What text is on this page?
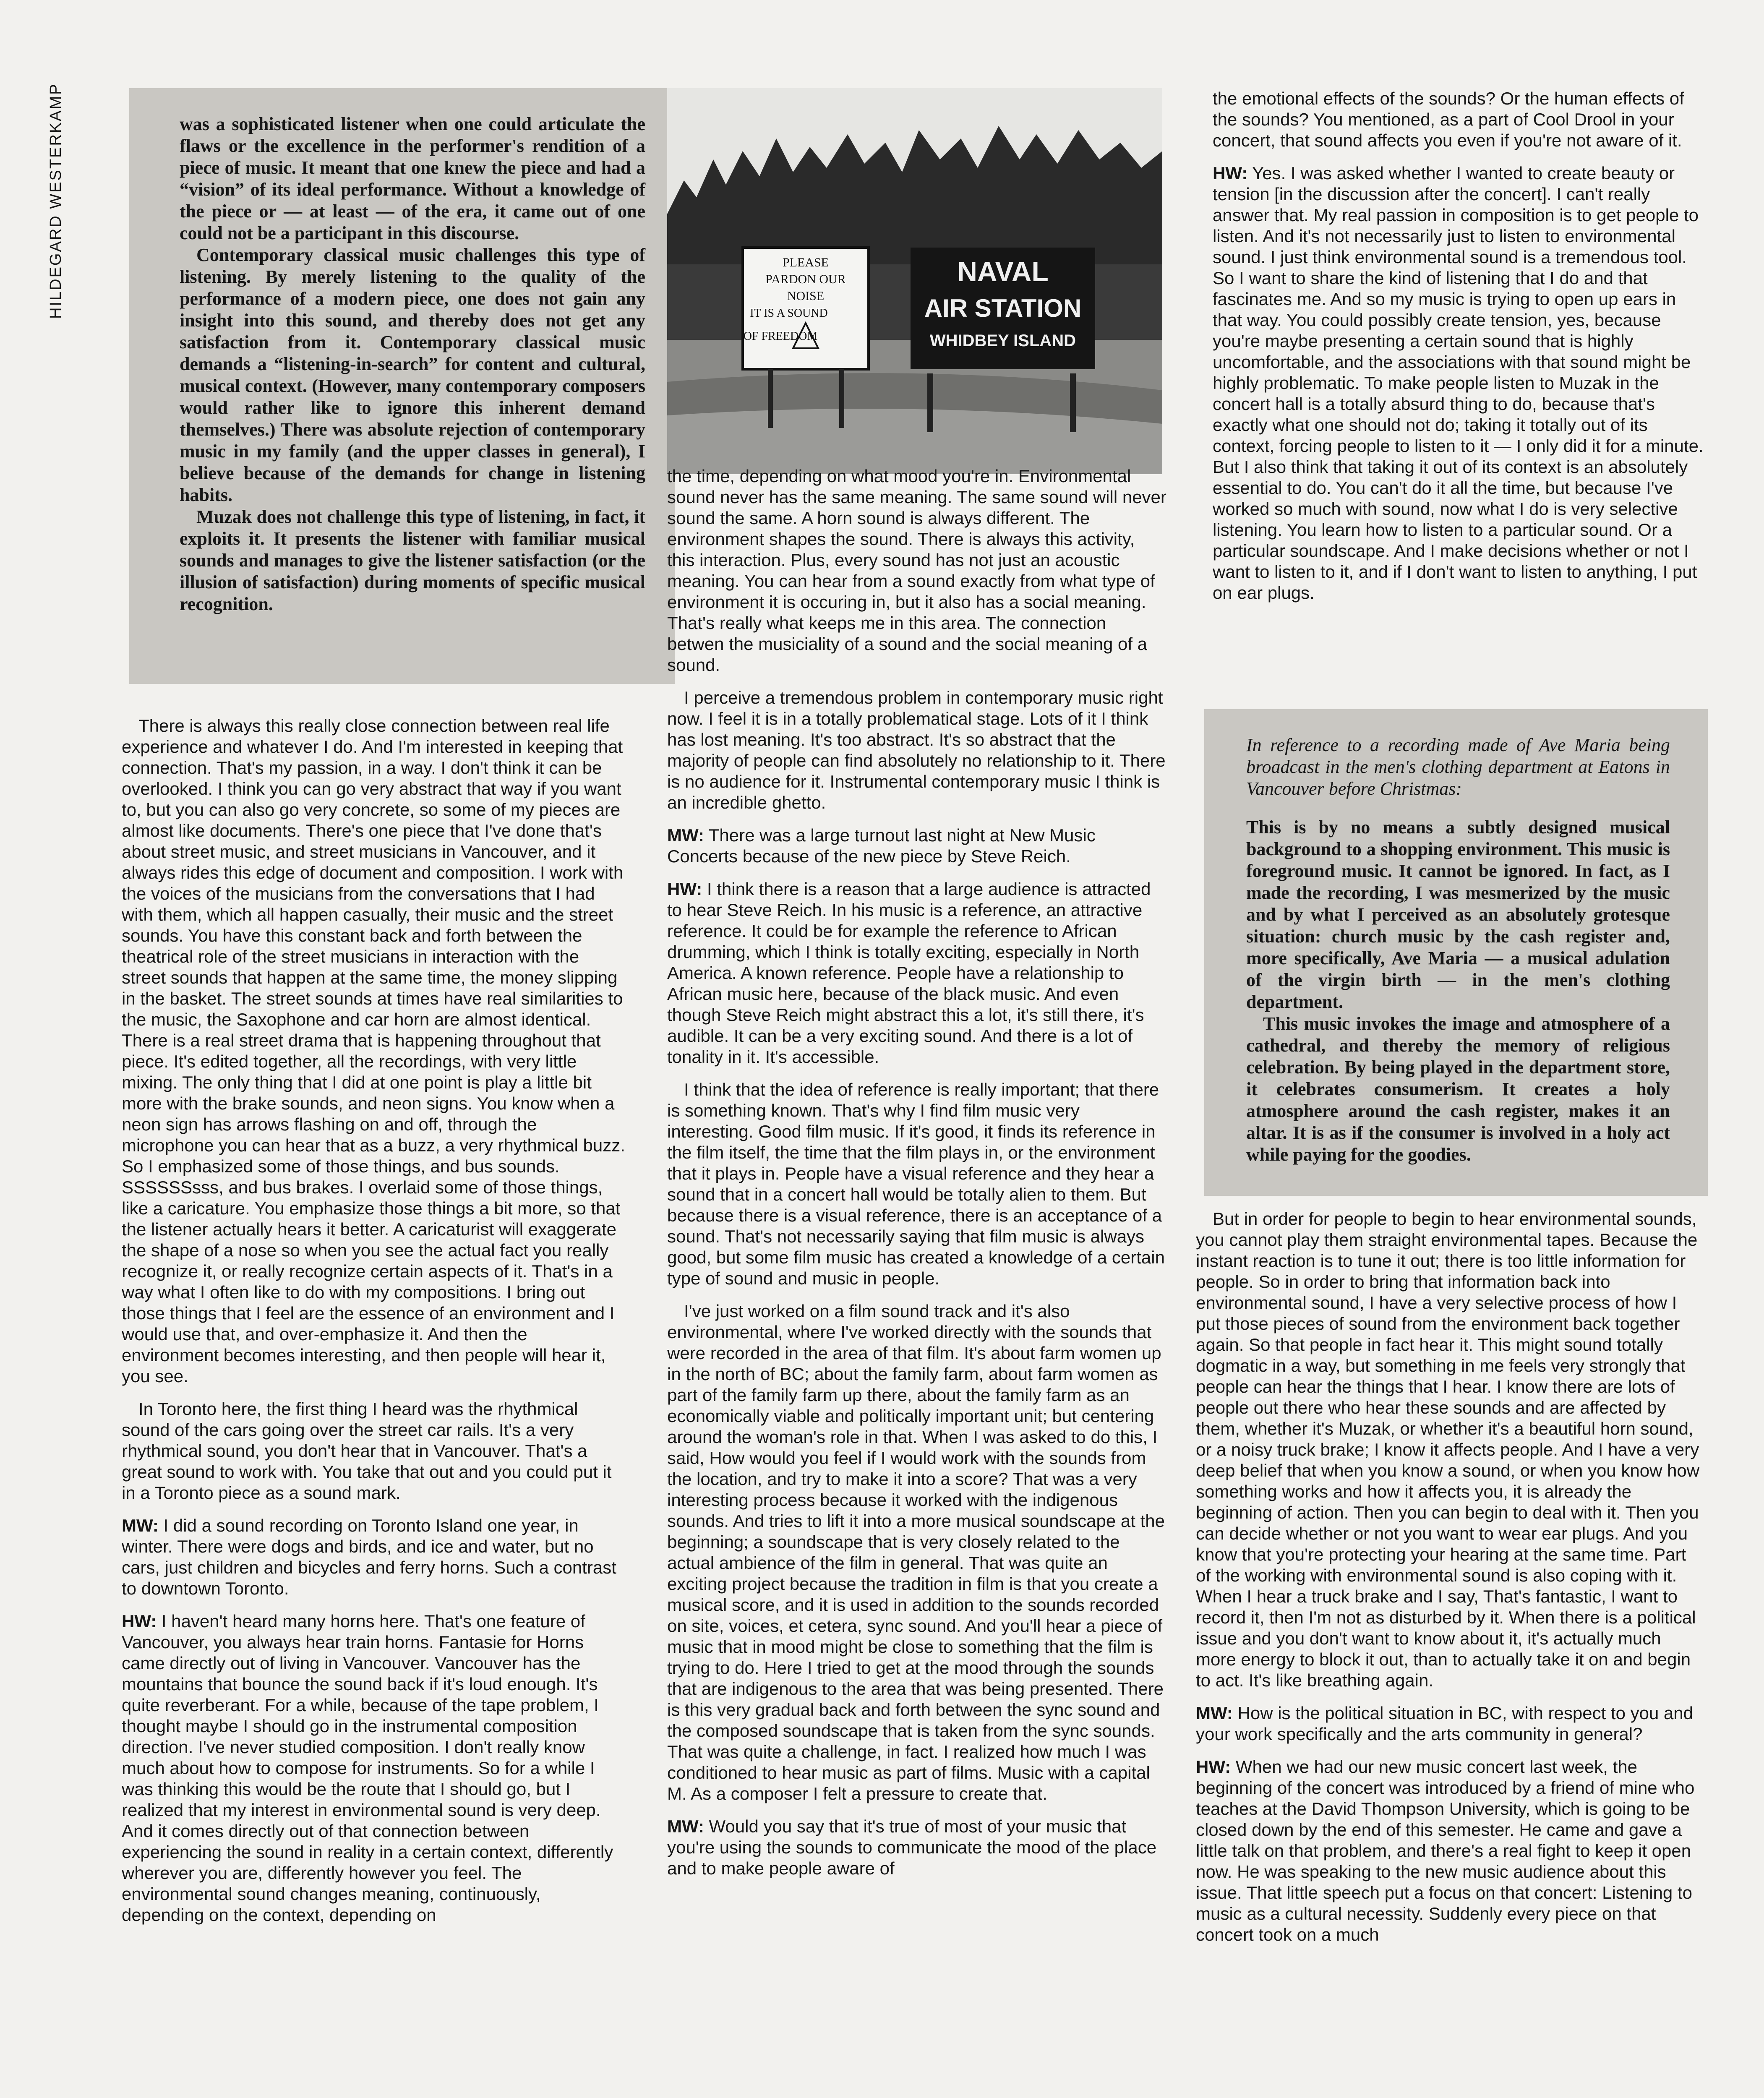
HILDEGARD WESTERKAMP	was a sophisticated listener when one could articulate the flaws or the excellence in the performer's rendition of a piece of music. It meant that one knew the piece and had a “vision” of its ideal performance. Without a knowledge of the piece or — at least — of the era, it came out of one could not be a participant in this discourse.

Contemporary classical music challenges this type of listening. By merely listening to the quality of the performance of a modern piece, one does not gain any insight into this sound, and thereby does not get any satisfaction from it. Contemporary classical music demands a “listening-in-search” for content and cultural, musical context. (However, many contemporary composers would rather like to ignore this inherent demand themselves.) There was absolute rejection of contemporary music in my family (and the upper classes in general), I believe because of the demands for change in listening habits.

Muzak does not challenge this type of listening, in fact, it exploits it. It presents the listener with familiar musical sounds and manages to give the listener satisfaction (or the illusion of satisfaction) during moments of specific musical recognition.

PLEASE
PARDON OUR
NOISE
IT IS A SOUND
OF FREEDOM
NAVAL
AIR STATION
WHIDBEY ISLAND

There is always this really close connection between real life experience and whatever I do. And I'm interested in keeping that connection. That's my passion, in a way. I don't think it can be overlooked. I think you can go very abstract that way if you want to, but you can also go very concrete, so some of my pieces are almost like documents. There's one piece that I've done that's about street music, and street musicians in Vancouver, and it always rides this edge of document and composition. I work with the voices of the musicians from the conversations that I had with them, which all happen casually, their music and the street sounds. You have this constant back and forth between the theatrical role of the street musicians in interaction with the street sounds that happen at the same time, the money slipping in the basket. The street sounds at times have real similarities to the music, the Saxophone and car horn are almost identical. There is a real street drama that is happening throughout that piece. It's edited together, all the recordings, with very little mixing. The only thing that I did at one point is play a little bit more with the brake sounds, and neon signs. You know when a neon sign has arrows flashing on and off, through the microphone you can hear that as a buzz, a very rhythmical buzz. So I emphasized some of those things, and bus sounds. SSSSSSsss, and bus brakes. I overlaid some of those things, like a caricature. You emphasize those things a bit more, so that the listener actually hears it better. A caricaturist will exaggerate the shape of a nose so when you see the actual fact you really recognize it, or really recognize certain aspects of it. That's in a way what I often like to do with my compositions. I bring out those things that I feel are the essence of an environment and I would use that, and over-emphasize it. And then the environment becomes interesting, and then people will hear it, you see.

In Toronto here, the first thing I heard was the rhythmical sound of the cars going over the street car rails. It's a very rhythmical sound, you don't hear that in Vancouver. That's a great sound to work with. You take that out and you could put it in a Toronto piece as a sound mark.

MW: I did a sound recording on Toronto Island one year, in winter. There were dogs and birds, and ice and water, but no cars, just children and bicycles and ferry horns. Such a contrast to downtown Toronto.

HW: I haven't heard many horns here. That's one feature of Vancouver, you always hear train horns. Fantasie for Horns came directly out of living in Vancouver. Vancouver has the mountains that bounce the sound back if it's loud enough. It's quite reverberant. For a while, because of the tape problem, I thought maybe I should go in the instrumental composition direction. I've never studied composition. I don't really know much about how to compose for instruments. So for a while I was thinking this would be the route that I should go, but I realized that my interest in environmental sound is very deep. And it comes directly out of that connection between experiencing the sound in reality in a certain context, differently wherever you are, differently however you feel. The environmental sound changes meaning, continuously, depending on the context, depending on

the time, depending on what mood you're in. Environmental sound never has the same meaning. The same sound will never sound the same. A horn sound is always different. The environment shapes the sound. There is always this activity, this interaction. Plus, every sound has not just an acoustic meaning. You can hear from a sound exactly from what type of environment it is occuring in, but it also has a social meaning. That's really what keeps me in this area. The connection betwen the musiciality of a sound and the social meaning of a sound.

I perceive a tremendous problem in contemporary music right now. I feel it is in a totally problematical stage. Lots of it I think has lost meaning. It's too abstract. It's so abstract that the majority of people can find absolutely no relationship to it. There is no audience for it. Instrumental contemporary music I think is an incredible ghetto.

MW: There was a large turnout last night at New Music Concerts because of the new piece by Steve Reich.

HW: I think there is a reason that a large audience is attracted to hear Steve Reich. In his music is a reference, an attractive reference. It could be for example the reference to African drumming, which I think is totally exciting, especially in North America. A known reference. People have a relationship to African music here, because of the black music. And even though Steve Reich might abstract this a lot, it's still there, it's audible. It can be a very exciting sound. And there is a lot of tonality in it. It's accessible.

I think that the idea of reference is really important; that there is something known. That's why I find film music very interesting. Good film music. If it's good, it finds its reference in the film itself, the time that the film plays in, or the environment that it plays in. People have a visual reference and they hear a sound that in a concert hall would be totally alien to them. But because there is a visual reference, there is an acceptance of a sound. That's not necessarily saying that film music is always good, but some film music has created a knowledge of a certain type of sound and music in people.

I've just worked on a film sound track and it's also environmental, where I've worked directly with the sounds that were recorded in the area of that film. It's about farm women up in the north of BC; about the family farm, about farm women as part of the family farm up there, about the family farm as an economically viable and politically important unit; but centering around the woman's role in that. When I was asked to do this, I said, How would you feel if I would work with the sounds from the location, and try to make it into a score? That was a very interesting process because it worked with the indigenous sounds. And tries to lift it into a more musical soundscape at the beginning; a soundscape that is very closely related to the actual ambience of the film in general. That was quite an exciting project because the tradition in film is that you create a musical score, and it is used in addition to the sounds recorded on site, voices, et cetera, sync sound. And you'll hear a piece of music that in mood might be close to something that the film is trying to do. Here I tried to get at the mood through the sounds that are indigenous to the area that was being presented. There is this very gradual back and forth between the sync sound and the composed soundscape that is taken from the sync sounds. That was quite a challenge, in fact. I realized how much I was conditioned to hear music as part of films. Music with a capital M. As a composer I felt a pressure to create that.

MW: Would you say that it's true of most of your music that you're using the sounds to communicate the mood of the place and to make people aware of

the emotional effects of the sounds? Or the human effects of the sounds? You mentioned, as a part of Cool Drool in your concert, that sound affects you even if you're not aware of it.

HW: Yes. I was asked whether I wanted to create beauty or tension [in the discussion after the concert]. I can't really answer that. My real passion in composition is to get people to listen. And it's not necessarily just to listen to environmental sound. I just think environmental sound is a tremendous tool. So I want to share the kind of listening that I do and that fascinates me. And so my music is trying to open up ears in that way. You could possibly create tension, yes, because you're maybe presenting a certain sound that is highly uncomfortable, and the associations with that sound might be highly problematic. To make people listen to Muzak in the concert hall is a totally absurd thing to do, because that's exactly what one should not do; taking it totally out of its context, forcing people to listen to it — I only did it for a minute. But I also think that taking it out of its context is an absolutely essential to do. You can't do it all the time, but because I've worked so much with sound, now what I do is very selective listening. You learn how to listen to a particular sound. Or a particular soundscape. And I make decisions whether or not I want to listen to it, and if I don't want to listen to anything, I put on ear plugs.

In reference to a recording made of Ave Maria being broadcast in the men's clothing department at Eatons in Vancouver before Christmas:

This is by no means a subtly designed musical background to a shopping environment. This music is foreground music. It cannot be ignored. In fact, as I made the recording, I was mesmerized by the music and by what I perceived as an absolutely grotesque situation: church music by the cash register and, more specifically, Ave Maria — a musical adulation of the virgin birth — in the men's clothing department.

This music invokes the image and atmosphere of a cathedral, and thereby the memory of religious celebration. By being played in the department store, it celebrates consumerism. It creates a holy atmosphere around the cash register, makes it an altar. It is as if the consumer is involved in a holy act while paying for the goodies.

But in order for people to begin to hear environmental sounds, you cannot play them straight environmental tapes. Because the instant reaction is to tune it out; there is too little information for people. So in order to bring that information back into environmental sound, I have a very selective process of how I put those pieces of sound from the environment back together again. So that people in fact hear it. This might sound totally dogmatic in a way, but something in me feels very strongly that people can hear the things that I hear. I know there are lots of people out there who hear these sounds and are affected by them, whether it's Muzak, or whether it's a beautiful horn sound, or a noisy truck brake; I know it affects people. And I have a very deep belief that when you know a sound, or when you know how something works and how it affects you, it is already the beginning of action. Then you can begin to deal with it. Then you can decide whether or not you want to wear ear plugs. And you know that you're protecting your hearing at the same time. Part of the working with environmental sound is also coping with it. When I hear a truck brake and I say, That's fantastic, I want to record it, then I'm not as disturbed by it. When there is a political issue and you don't want to know about it, it's actually much more energy to block it out, than to actually take it on and begin to act. It's like breathing again.

MW: How is the political situation in BC, with respect to you and your work specifically and the arts community in general?

HW: When we had our new music concert last week, the beginning of the concert was introduced by a friend of mine who teaches at the David Thompson University, which is going to be closed down by the end of this semester. He came and gave a little talk on that problem, and there's a real fight to keep it open now. He was speaking to the new music audience about this issue. That little speech put a focus on that concert: Listening to music as a cultural necessity. Suddenly every piece on that concert took on a much
